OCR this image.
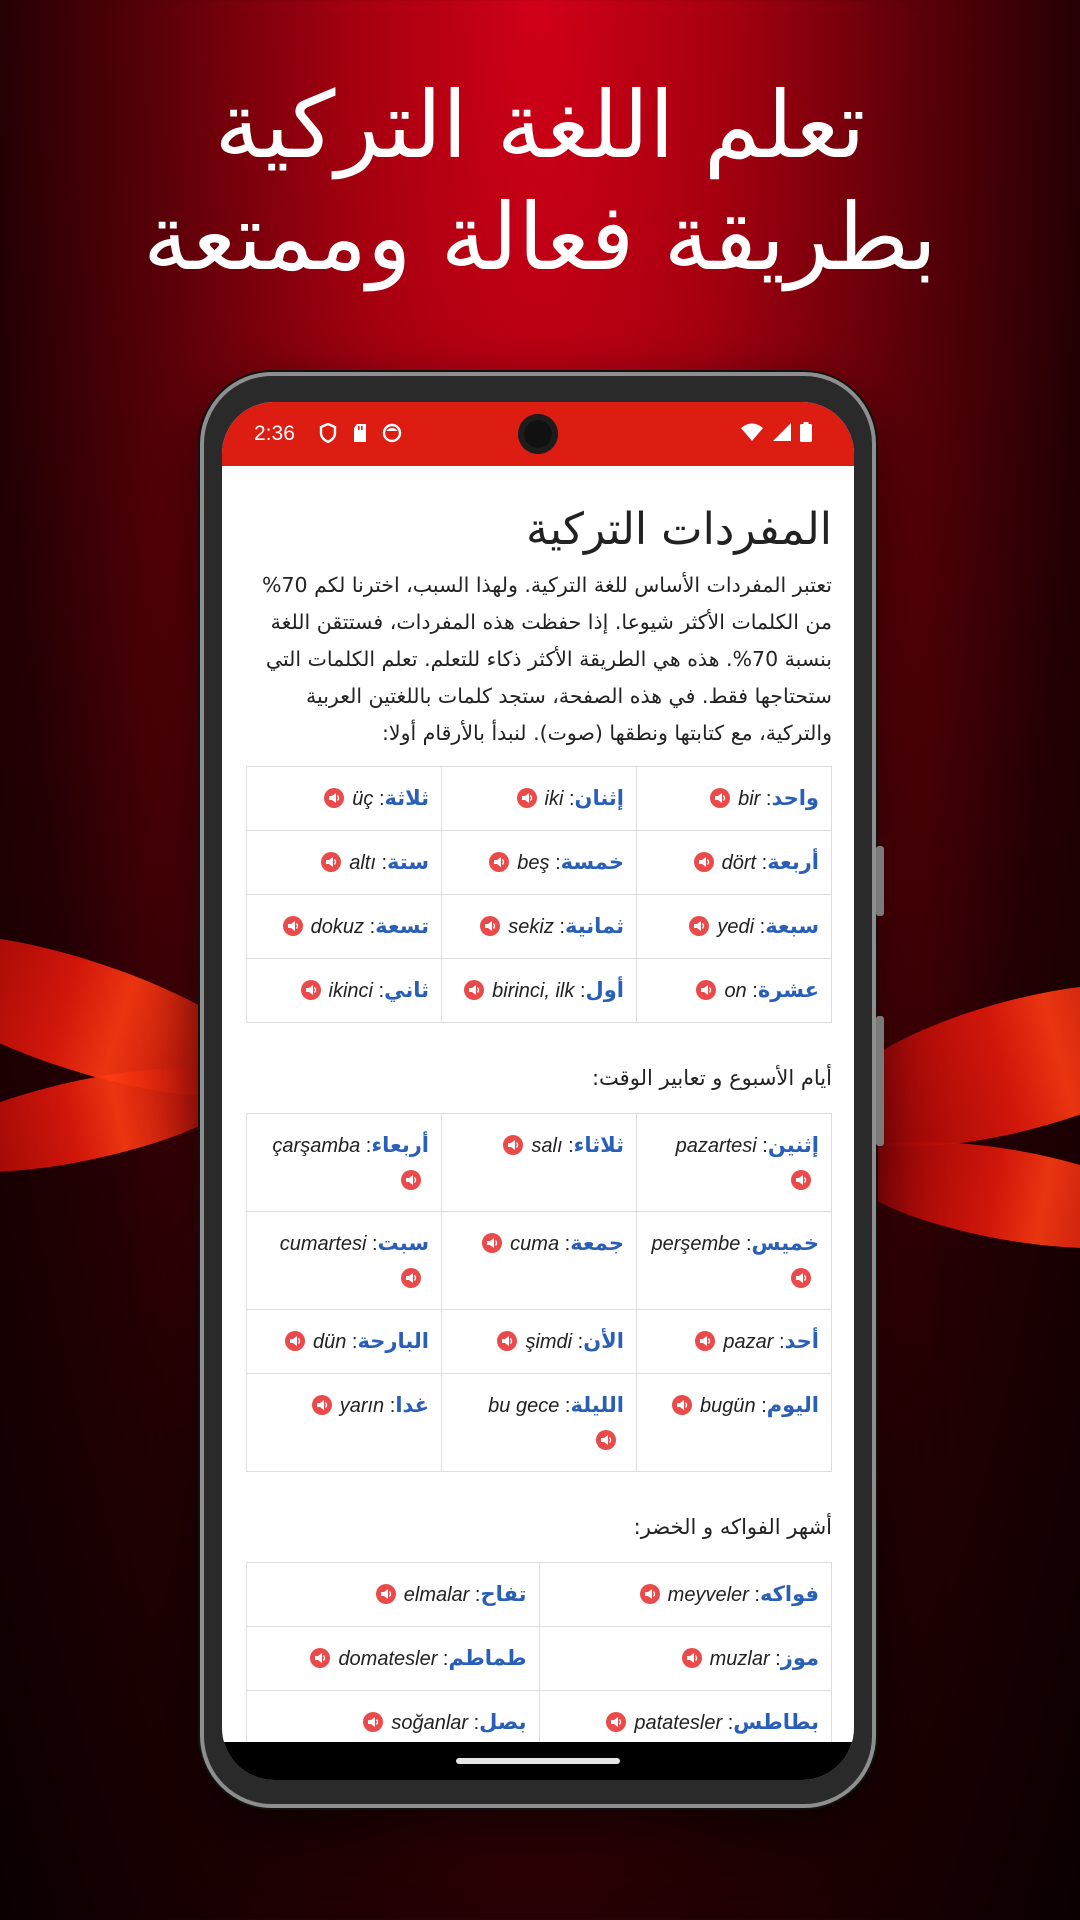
تعلم اللغة التركية
بطريقة فعالة وممتعة
2:36
المفردات التركية

تعتبر المفردات الأساس للغة التركية. ولهذا السبب، اخترنا لكم 70% من الكلمات الأكثر شيوعا. إذا حفظت هذه المفردات، فستتقن اللغة بنسبة 70%. هذه هي الطريقة الأكثر ذكاء للتعلم. تعلم الكلمات التي ستحتاجها فقط. في هذه الصفحة، ستجد كلمات باللغتين العربية والتركية، مع كتابتها ونطقها (صوت). لنبدأ بالأرقام أولا:

واحد: bir	إثنان: iki	ثلاثة: üç

أربعة: dört	خمسة: beş	ستة: altı

سبعة: yedi	ثمانية: sekiz	تسعة: dokuz

عشرة: on	أول: birinci, ilk	ثاني: ikinci
أيام الأسبوع و تعابير الوقت:
إثنين: pazartesi	ثلاثاء: salı	أربعاء: çarşamba

خميس: perşembe	جمعة: cuma	سبت: cumartesi

أحد: pazar	الأن: şimdi	البارحة: dün

اليوم: bugün	الليلة: bu gece	غدا: yarın
أشهر الفواكه و الخضر:
فواكه: meyveler	تفاح: elmalar

موز: muzlar	طماطم: domatesler

بطاطس: patatesler	بصل: soğanlar
